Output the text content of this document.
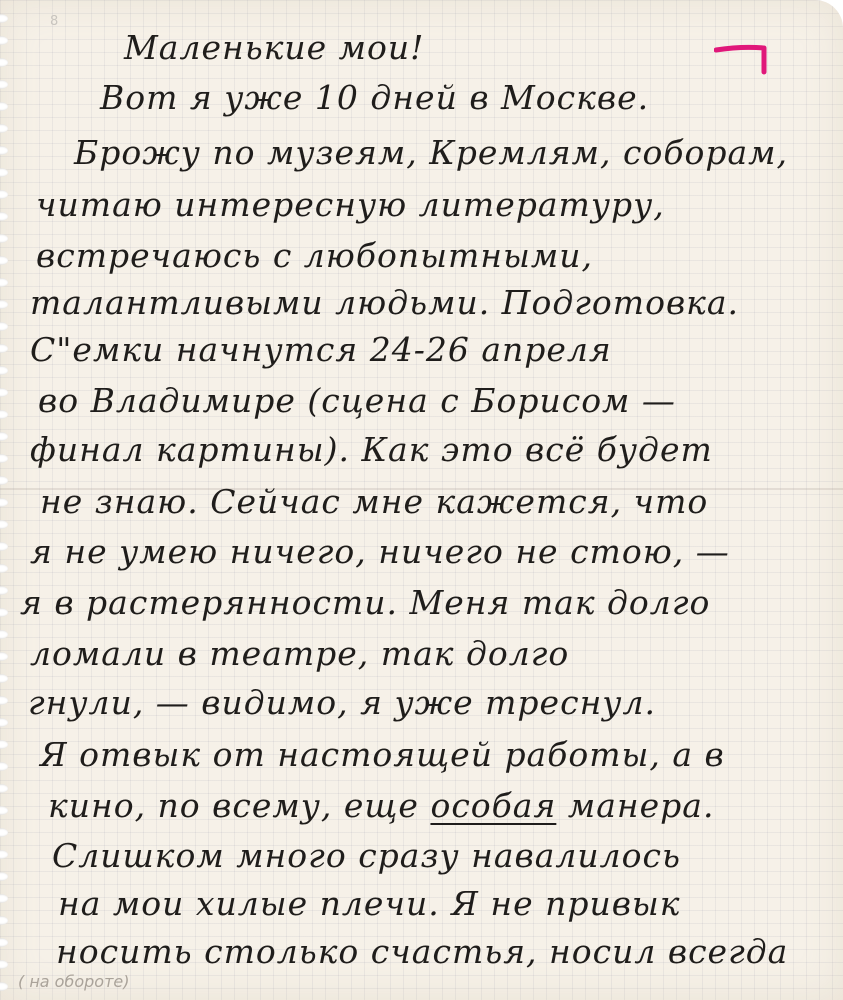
8
Маленькие мои!
Вот я уже 10 дней в Москве.
Брожу по музеям, Кремлям, соборам,
читаю интересную литературу,
встречаюсь с любопытными,
талантливыми людьми. Подготовка.
С"емки начнутся 24-26 апреля
во Владимире (сцена с Борисом —
финал картины). Как это всё будет
не знаю. Сейчас мне кажется, что
я не умею ничего, ничего не стою, —
я в растерянности. Меня так долго
ломали в театре, так долго
гнули, — видимо, я уже треснул.
Я отвык от настоящей работы, а в
кино, по всему, еще особая манера.
Слишком много сразу навалилось
на мои хилые плечи. Я не привык
носить столько счастья, носил всегда
( на обороте)
